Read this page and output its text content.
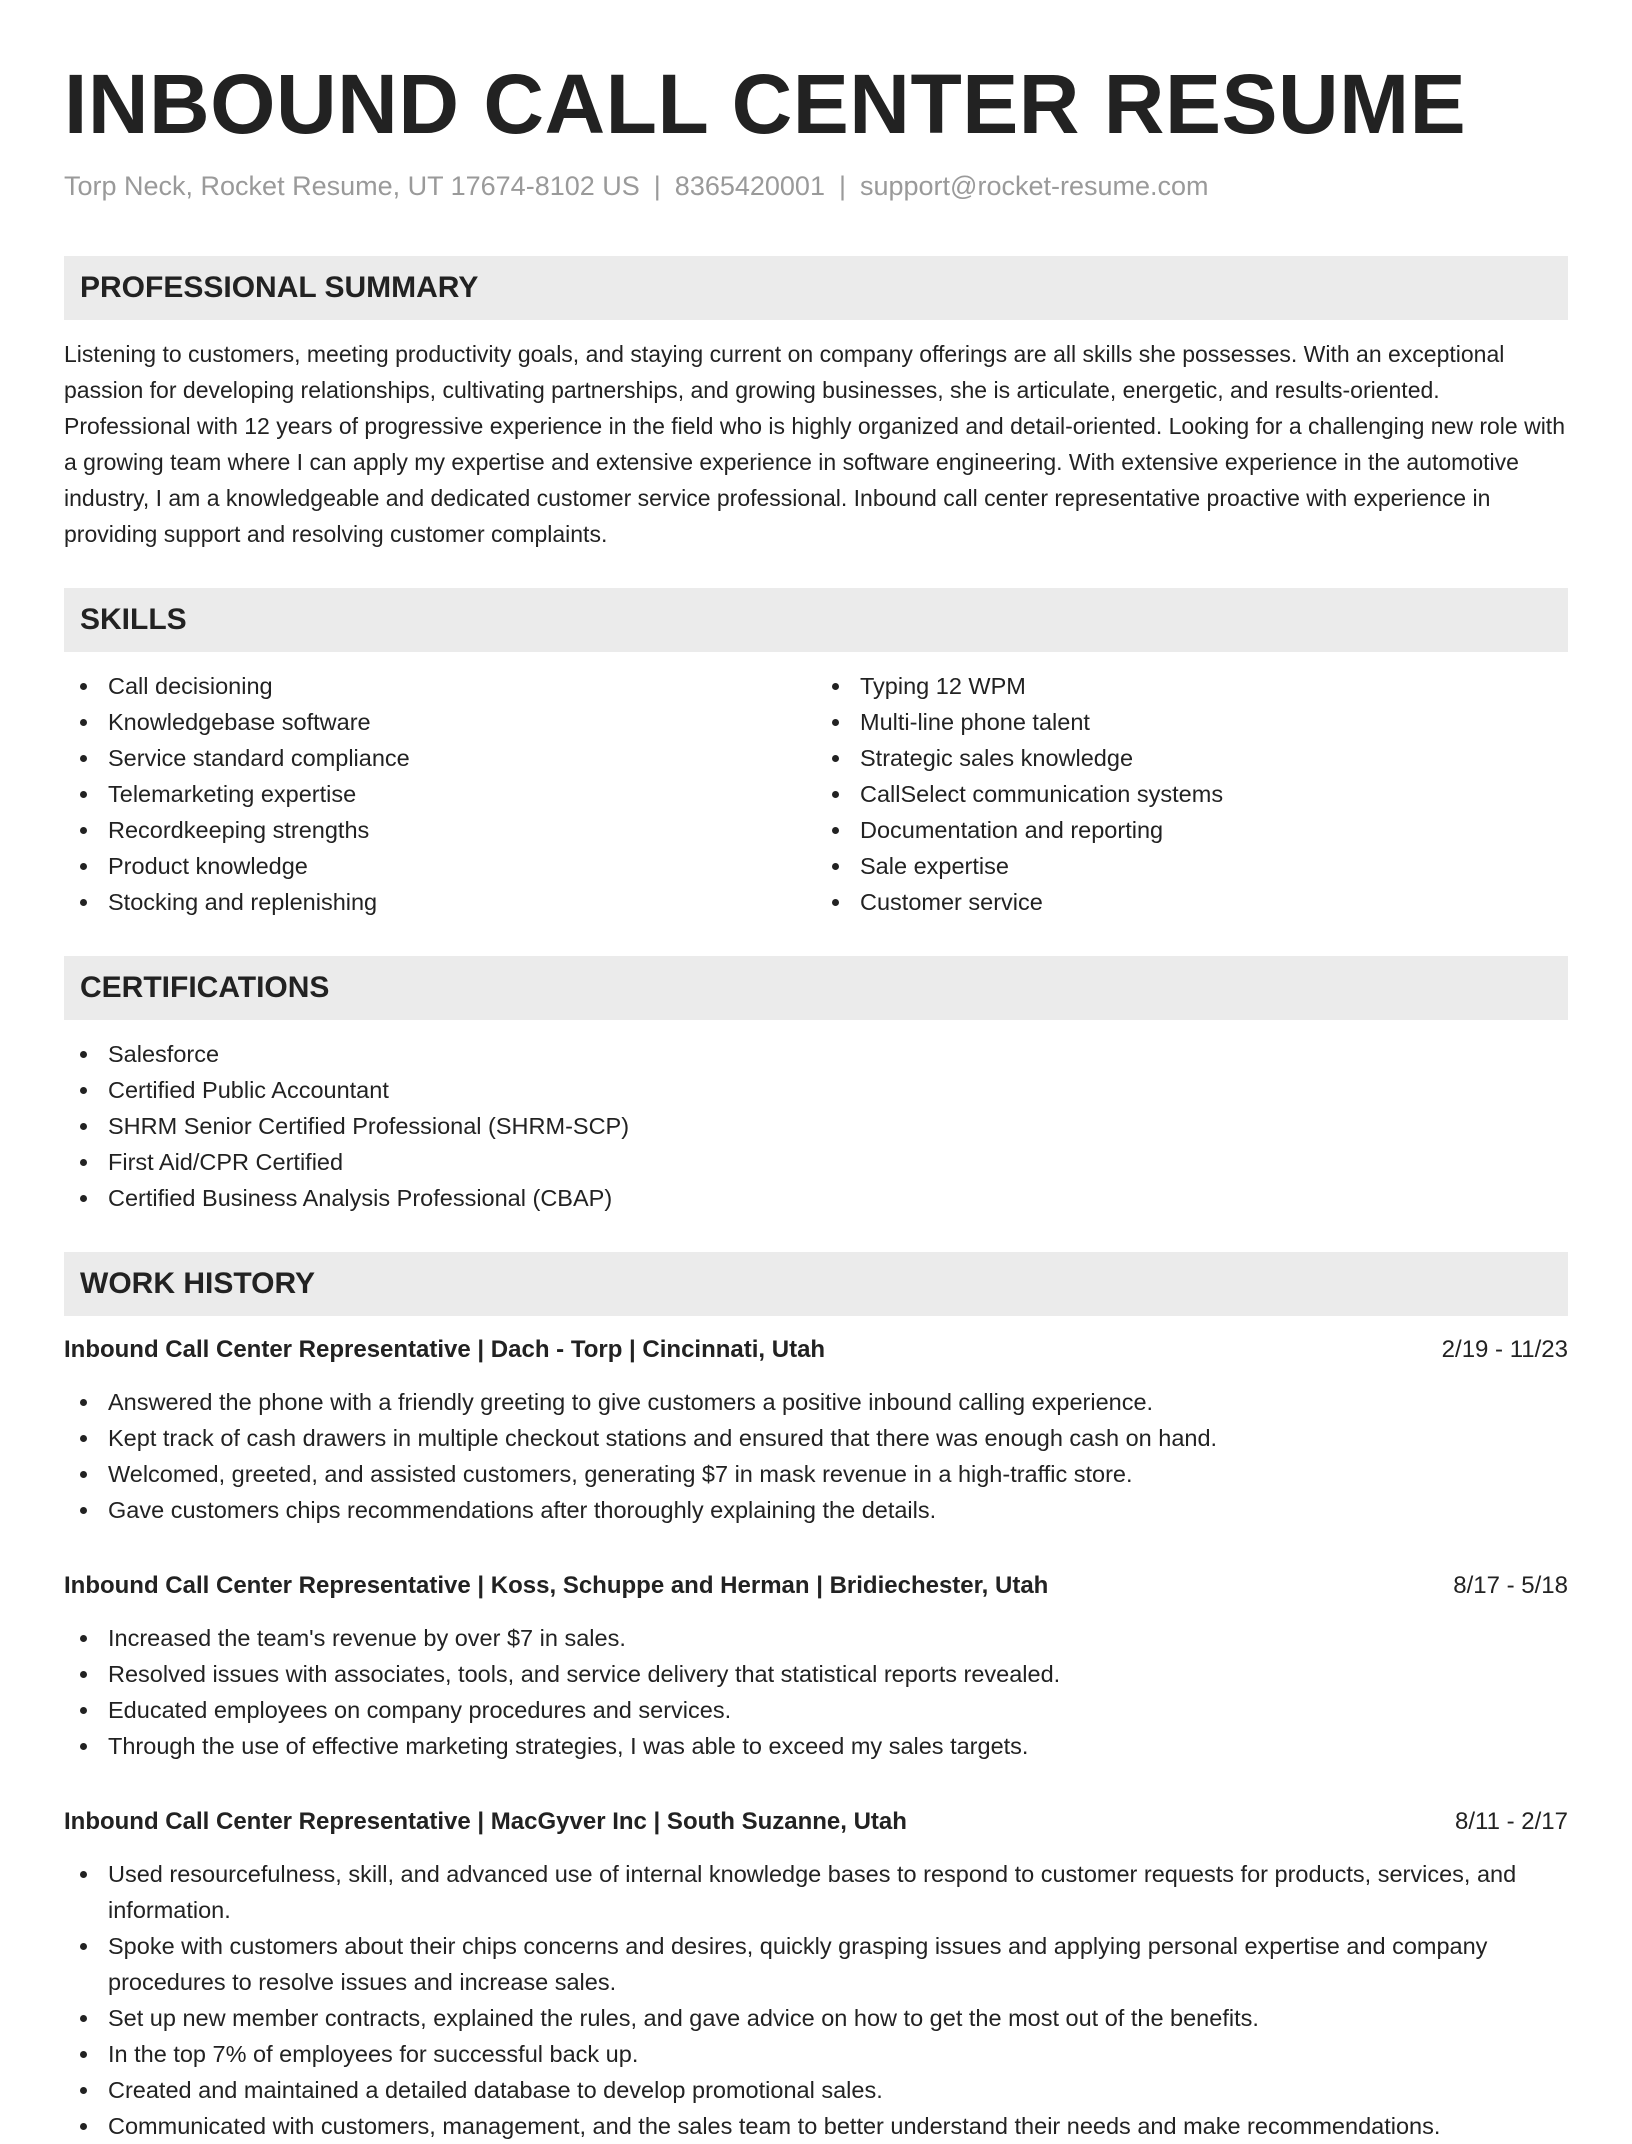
INBOUND CALL CENTER RESUME
Torp Neck, Rocket Resume, UT 17674-8102 US | 8365420001 | support@rocket-resume.com
PROFESSIONAL SUMMARY
Listening to customers, meeting productivity goals, and staying current on company offerings are all skills she possesses. With an exceptional passion for developing relationships, cultivating partnerships, and growing businesses, she is articulate, energetic, and results-oriented. Professional with 12 years of progressive experience in the field who is highly organized and detail-oriented. Looking for a challenging new role with a growing team where I can apply my expertise and extensive experience in software engineering. With extensive experience in the automotive industry, I am a knowledgeable and dedicated customer service professional. Inbound call center representative proactive with experience in providing support and resolving customer complaints.
SKILLS
Call decisioning
Knowledgebase software
Service standard compliance
Telemarketing expertise
Recordkeeping strengths
Product knowledge
Stocking and replenishing
Typing 12 WPM
Multi-line phone talent
Strategic sales knowledge
CallSelect communication systems
Documentation and reporting
Sale expertise
Customer service
CERTIFICATIONS
Salesforce
Certified Public Accountant
SHRM Senior Certified Professional (SHRM-SCP)
First Aid/CPR Certified
Certified Business Analysis Professional (CBAP)
WORK HISTORY
Inbound Call Center Representative | Dach - Torp | Cincinnati, Utah	2/19 - 11/23
Answered the phone with a friendly greeting to give customers a positive inbound calling experience.
Kept track of cash drawers in multiple checkout stations and ensured that there was enough cash on hand.
Welcomed, greeted, and assisted customers, generating $7 in mask revenue in a high-traffic store.
Gave customers chips recommendations after thoroughly explaining the details.
Inbound Call Center Representative | Koss, Schuppe and Herman | Bridiechester, Utah	8/17 - 5/18
Increased the team's revenue by over $7 in sales.
Resolved issues with associates, tools, and service delivery that statistical reports revealed.
Educated employees on company procedures and services.
Through the use of effective marketing strategies, I was able to exceed my sales targets.
Inbound Call Center Representative | MacGyver Inc | South Suzanne, Utah	8/11 - 2/17
Used resourcefulness, skill, and advanced use of internal knowledge bases to respond to customer requests for products, services, and information.
Spoke with customers about their chips concerns and desires, quickly grasping issues and applying personal expertise and company procedures to resolve issues and increase sales.
Set up new member contracts, explained the rules, and gave advice on how to get the most out of the benefits.
In the top 7% of employees for successful back up.
Created and maintained a detailed database to develop promotional sales.
Communicated with customers, management, and the sales team to better understand their needs and make recommendations.
